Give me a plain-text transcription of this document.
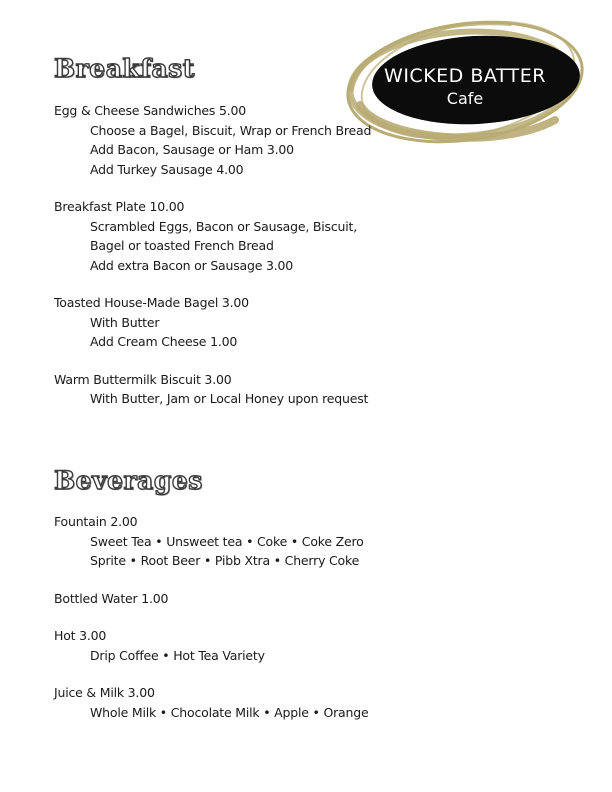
WICKED BATTER
Cafe
Breakfast
Egg & Cheese Sandwiches 5.00
Choose a Bagel, Biscuit, Wrap or French Bread
Add Bacon, Sausage or Ham 3.00
Add Turkey Sausage 4.00
Breakfast Plate 10.00
Scrambled Eggs, Bacon or Sausage, Biscuit,
Bagel or toasted French Bread
Add extra Bacon or Sausage 3.00
Toasted House-Made Bagel 3.00
With Butter
Add Cream Cheese 1.00
Warm Buttermilk Biscuit 3.00
With Butter, Jam or Local Honey upon request
Beverages
Fountain 2.00
Sweet Tea • Unsweet tea • Coke • Coke Zero
Sprite • Root Beer • Pibb Xtra • Cherry Coke
Bottled Water 1.00
Hot 3.00
Drip Coffee • Hot Tea Variety
Juice & Milk 3.00
Whole Milk • Chocolate Milk • Apple • Orange
